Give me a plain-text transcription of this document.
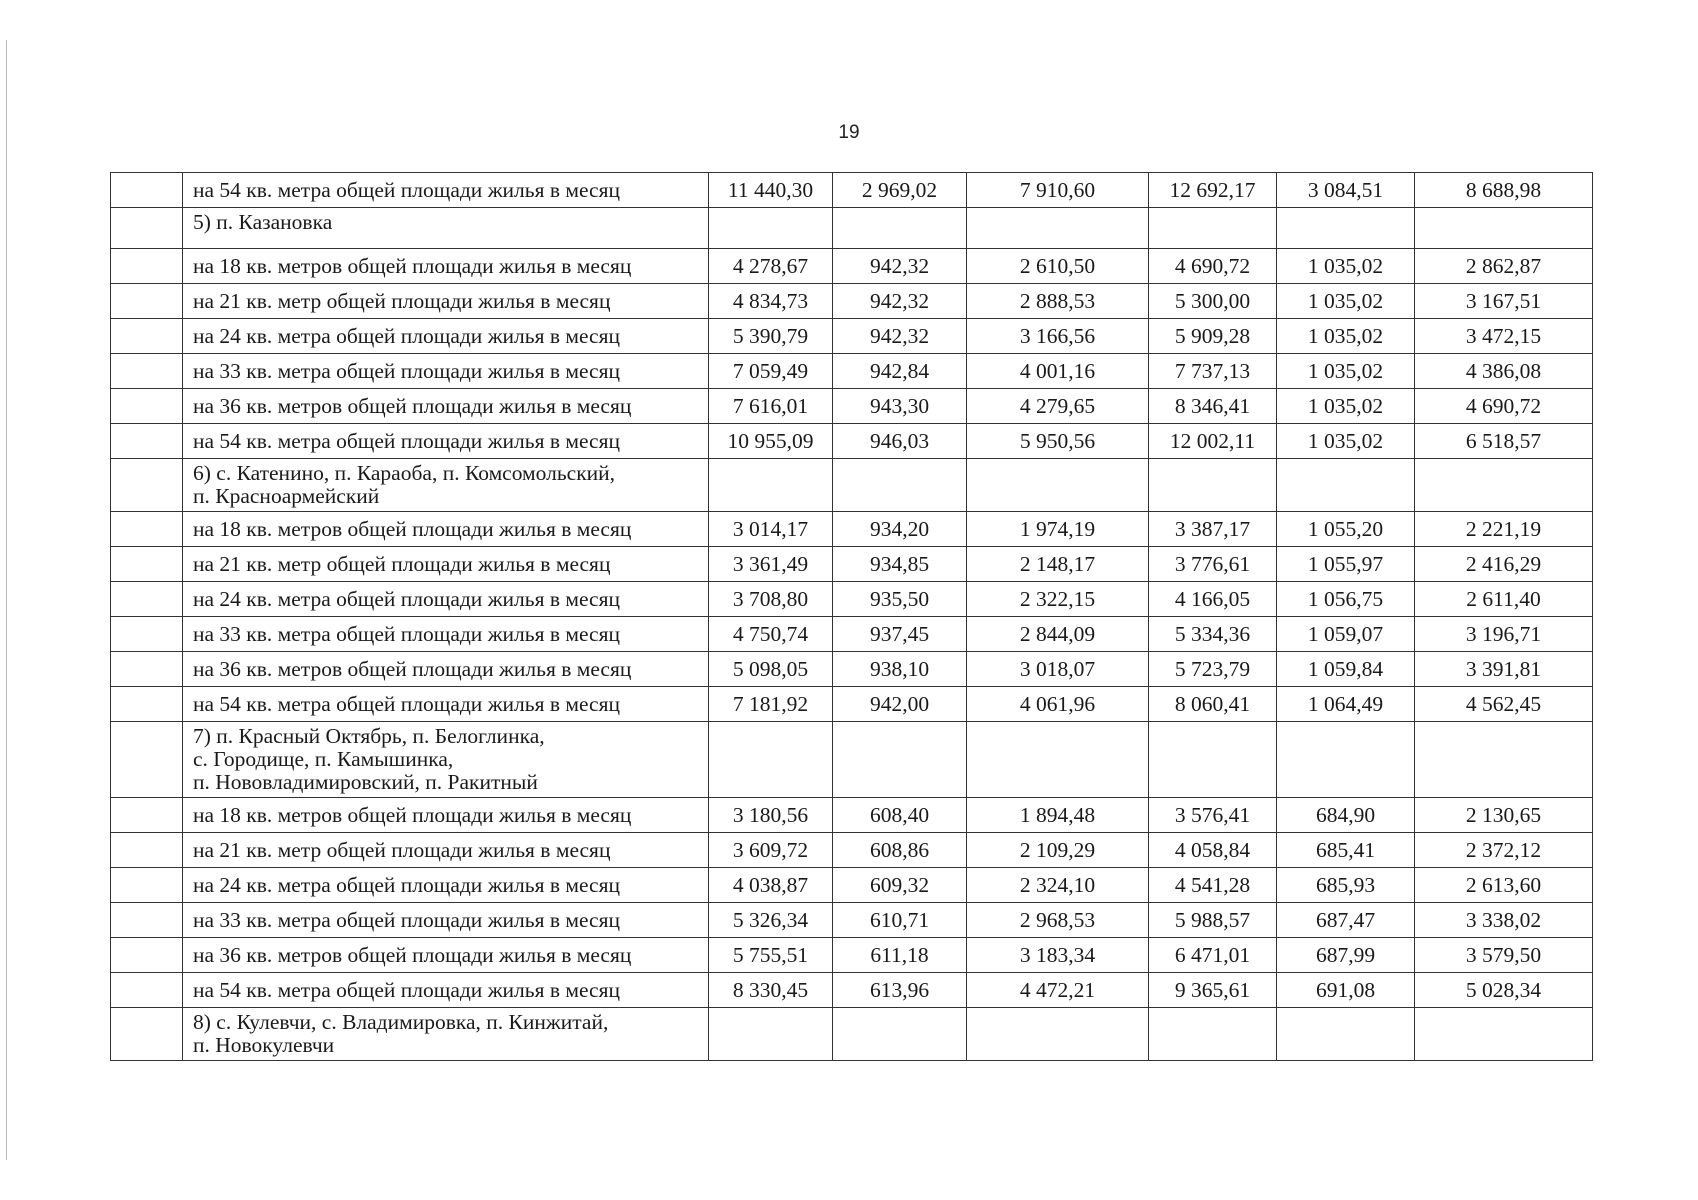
19
	на 54 кв. метра общей площади жилья в месяц	11 440,30	2 969,02	7 910,60	12 692,17	3 084,51	8 688,98

	5) п. Казановка						

	на 18 кв. метров общей площади жилья в месяц	4 278,67	942,32	2 610,50	4 690,72	1 035,02	2 862,87
	на 21 кв. метр общей площади жилья в месяц	4 834,73	942,32	2 888,53	5 300,00	1 035,02	3 167,51
	на 24 кв. метра общей площади жилья в месяц	5 390,79	942,32	3 166,56	5 909,28	1 035,02	3 472,15
	на 33 кв. метра общей площади жилья в месяц	7 059,49	942,84	4 001,16	7 737,13	1 035,02	4 386,08
	на 36 кв. метров общей площади жилья в месяц	7 616,01	943,30	4 279,65	8 346,41	1 035,02	4 690,72
	на 54 кв. метра общей площади жилья в месяц	10 955,09	946,03	5 950,56	12 002,11	1 035,02	6 518,57

	6) с. Катенино, п. Караоба, п. Комсомольский,
п. Красноармейский						

	на 18 кв. метров общей площади жилья в месяц	3 014,17	934,20	1 974,19	3 387,17	1 055,20	2 221,19
	на 21 кв. метр общей площади жилья в месяц	3 361,49	934,85	2 148,17	3 776,61	1 055,97	2 416,29
	на 24 кв. метра общей площади жилья в месяц	3 708,80	935,50	2 322,15	4 166,05	1 056,75	2 611,40
	на 33 кв. метра общей площади жилья в месяц	4 750,74	937,45	2 844,09	5 334,36	1 059,07	3 196,71
	на 36 кв. метров общей площади жилья в месяц	5 098,05	938,10	3 018,07	5 723,79	1 059,84	3 391,81
	на 54 кв. метра общей площади жилья в месяц	7 181,92	942,00	4 061,96	8 060,41	1 064,49	4 562,45

	7) п. Красный Октябрь, п. Белоглинка,
с. Городище, п. Камышинка,
п. Нововладимировский, п. Ракитный						

	на 18 кв. метров общей площади жилья в месяц	3 180,56	608,40	1 894,48	3 576,41	684,90	2 130,65
	на 21 кв. метр общей площади жилья в месяц	3 609,72	608,86	2 109,29	4 058,84	685,41	2 372,12
	на 24 кв. метра общей площади жилья в месяц	4 038,87	609,32	2 324,10	4 541,28	685,93	2 613,60
	на 33 кв. метра общей площади жилья в месяц	5 326,34	610,71	2 968,53	5 988,57	687,47	3 338,02
	на 36 кв. метров общей площади жилья в месяц	5 755,51	611,18	3 183,34	6 471,01	687,99	3 579,50
	на 54 кв. метра общей площади жилья в месяц	8 330,45	613,96	4 472,21	9 365,61	691,08	5 028,34

	8) с. Кулевчи, с. Владимировка, п. Кинжитай,
п. Новокулевчи						
